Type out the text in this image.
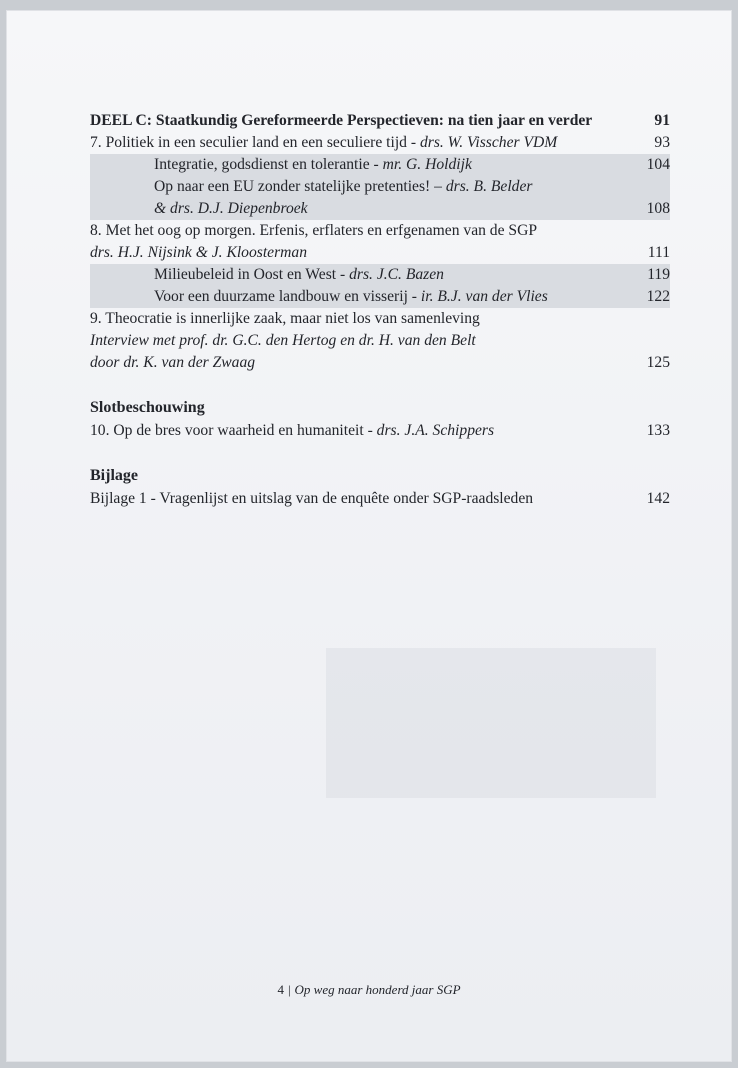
DEEL C: Staatkundig Gereformeerde Perspectieven: na tien jaar en verder	91
7. Politiek in een seculier land en een seculiere tijd - drs. W. Visscher VDM	93
Integratie, godsdienst en tolerantie - mr. G. Holdijk	104
Op naar een EU zonder statelijke pretenties! – drs. B. Belder
& drs. D.J. Diepenbroek	108
8. Met het oog op morgen. Erfenis, erflaters en erfgenamen van de SGP
drs. H.J. Nijsink & J. Kloosterman	111
Milieubeleid in Oost en West - drs. J.C. Bazen	119
Voor een duurzame landbouw en visserij - ir. B.J. van der Vlies	122
9. Theocratie is innerlijke zaak, maar niet los van samenleving
Interview met prof. dr. G.C. den Hertog en dr. H. van den Belt
door dr. K. van der Zwaag	125
Slotbeschouwing
10. Op de bres voor waarheid en humaniteit - drs. J.A. Schippers	133
Bijlage
Bijlage 1 - Vragenlijst en uitslag van de enquête onder SGP-raadsleden	142
4 | Op weg naar honderd jaar SGP
